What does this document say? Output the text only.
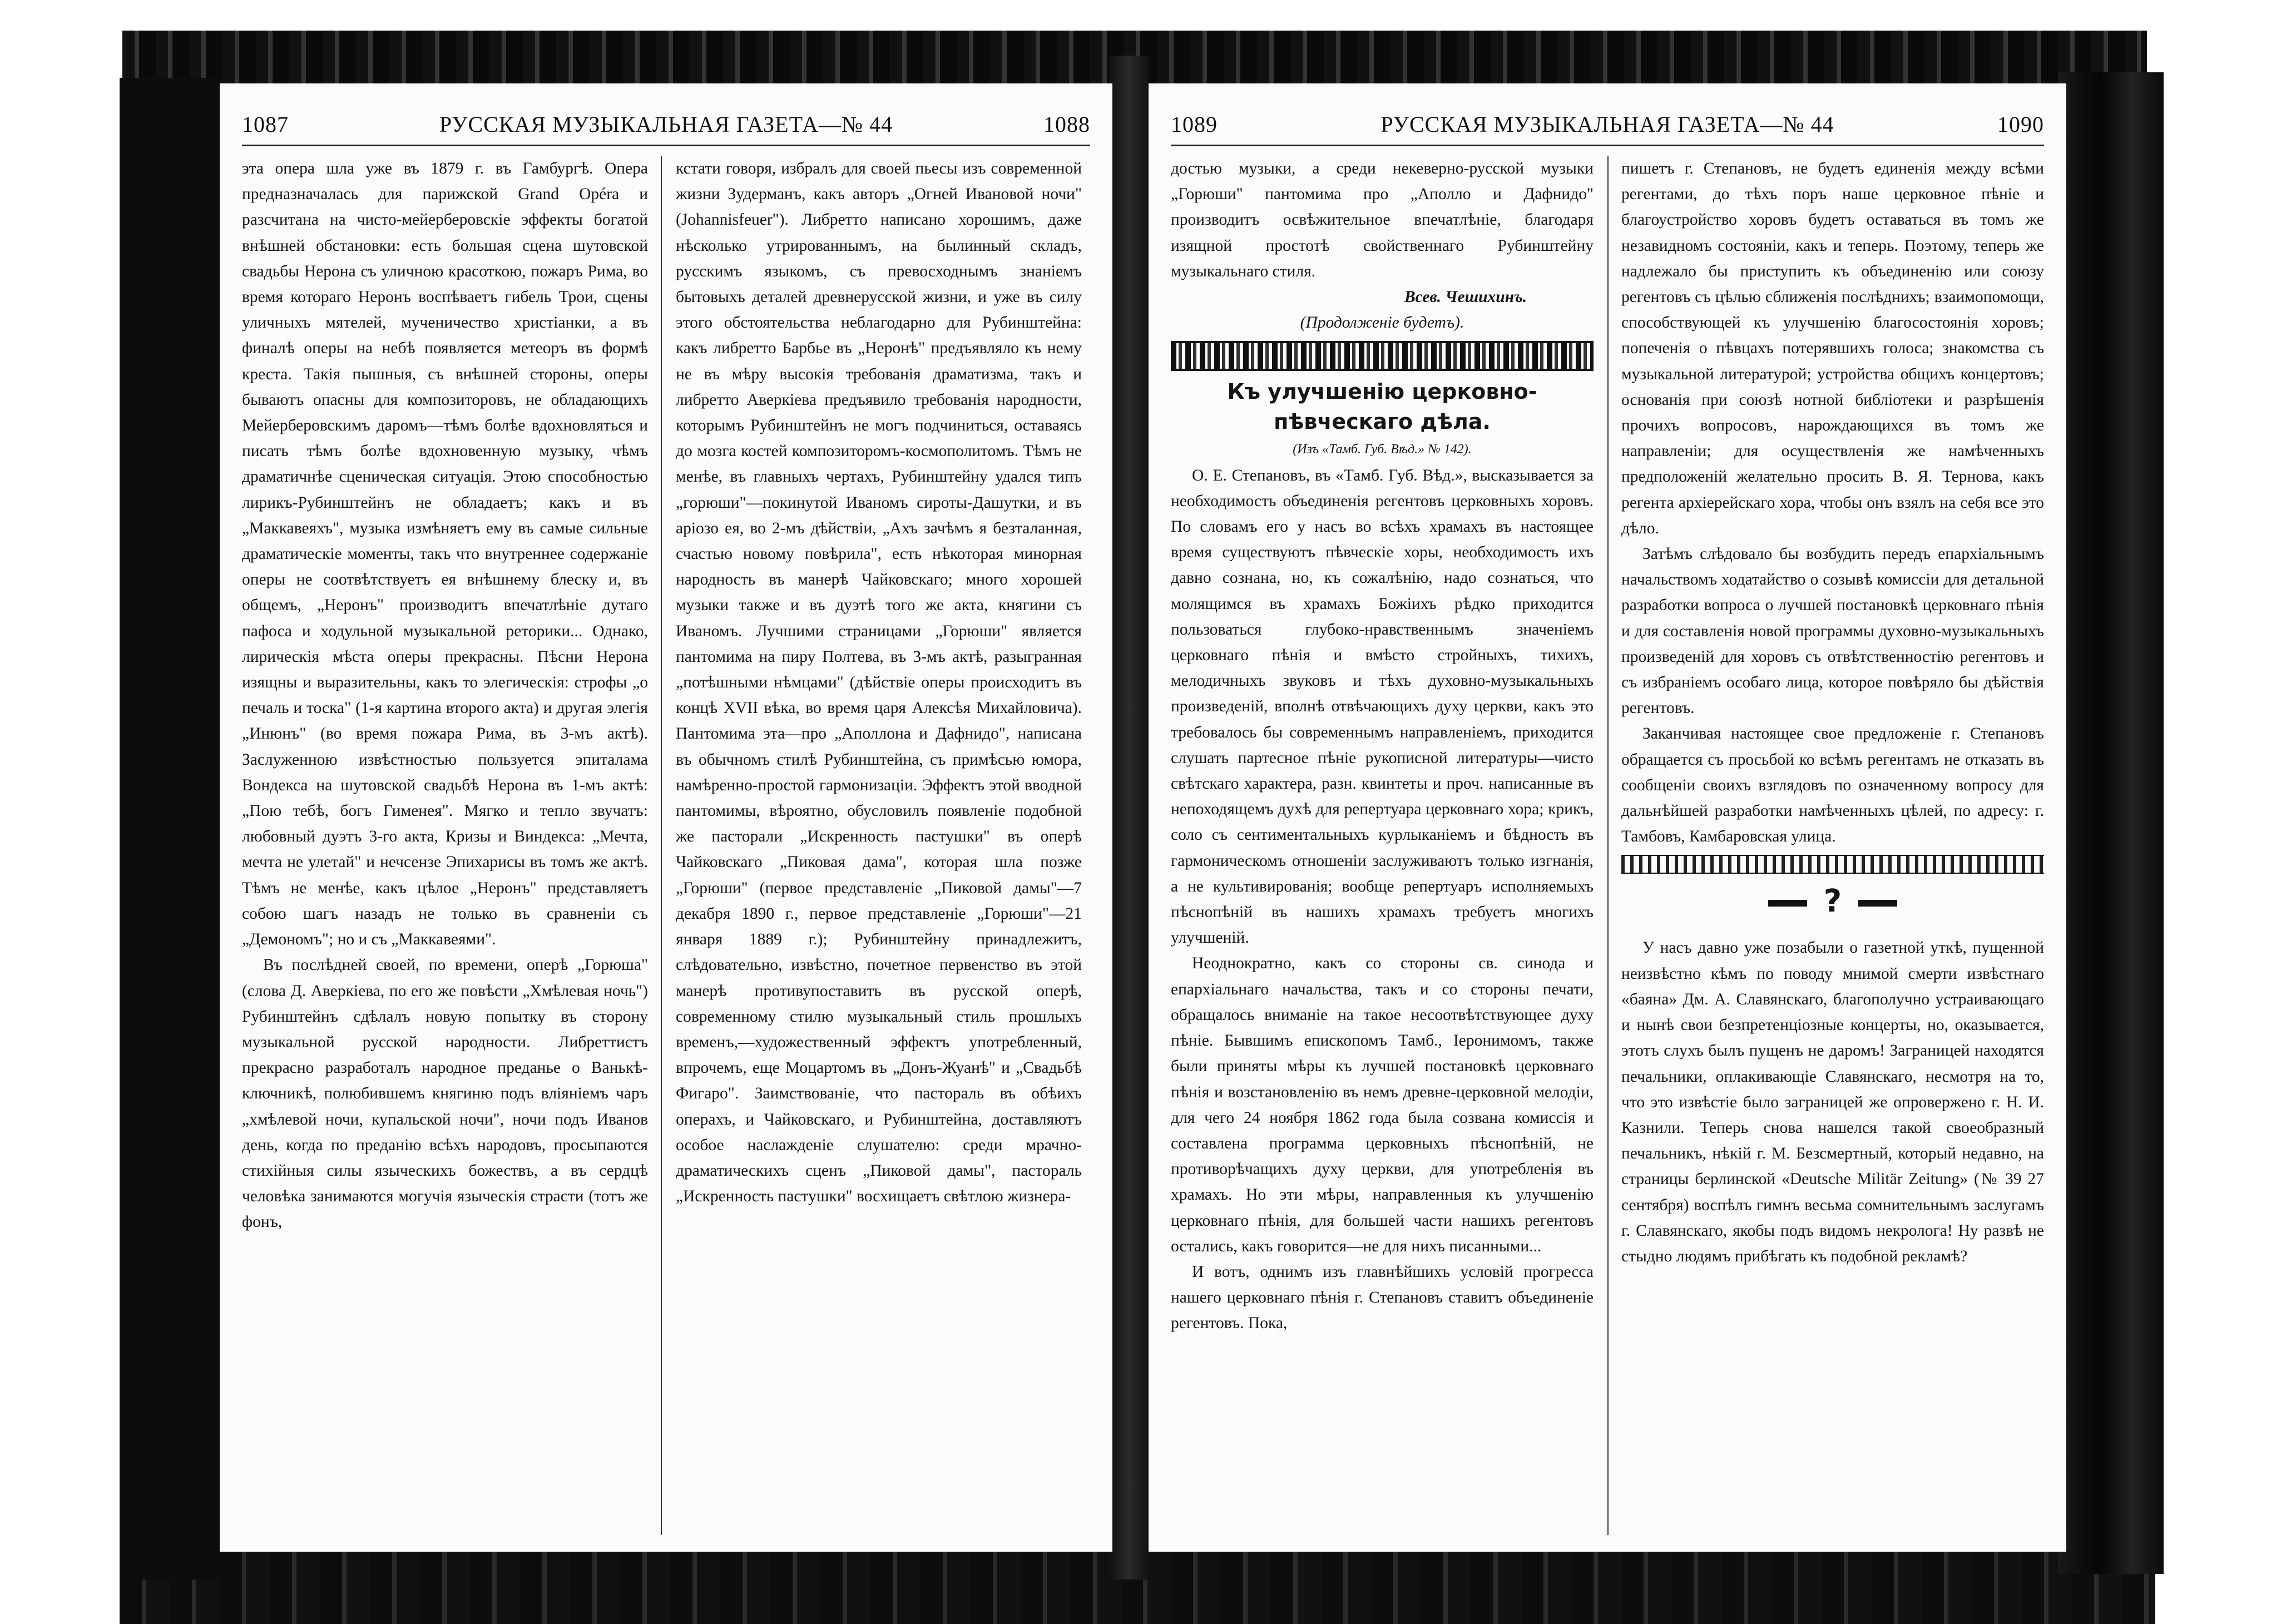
1087	РУССКАЯ МУЗЫКАЛЬНАЯ ГАЗЕТА—№ 44	1088

эта опера шла уже въ 1879 г. въ Гамбургѣ. Опера предназначалась для парижской Grand Opéra и разсчитана на чисто-мейерберовскіе эффекты богатой внѣшней обстановки: есть большая сцена шутовской свадьбы Нерона съ уличною красоткою, пожаръ Рима, во время котораго Неронъ воспѣваетъ гибель Трои, сцены уличныхъ мятелей, мученичество христіанки, а въ финалѣ оперы на небѣ появляется метеоръ въ формѣ креста. Такія пышныя, съ внѣшней стороны, оперы бываютъ опасны для композиторовъ, не обладающихъ Мейерберовскимъ даромъ—тѣмъ болѣе вдохновляться и писать тѣмъ болѣе вдохновенную музыку, чѣмъ драматичнѣе сценическая ситуація. Этою способностью лирикъ-Рубинштейнъ не обладаетъ; какъ и въ „Маккавеяхъ", музыка измѣняетъ ему въ самые сильные драматическіе моменты, такъ что внутреннее содержаніе оперы не соотвѣтствуетъ ея внѣшнему блеску и, въ общемъ, „Неронъ" производитъ впечатлѣніе дутаго пафоса и ходульной музыкальной реторики... Однако, лирическія мѣста оперы прекрасны. Пѣсни Нерона изящны и выразительны, какъ то элегическія: строфы „о печаль и тоска" (1-я картина второго акта) и другая элегія „Инюнъ" (во время пожара Рима, въ 3-мъ актѣ). Заслуженною извѣстностью пользуется эпиталама Вондекса на шутовской свадьбѣ Нерона въ 1-мъ актѣ: „Пою тебѣ, богъ Гименея". Мягко и тепло звучатъ: любовный дуэтъ 3-го акта, Кризы и Виндекса: „Мечта, мечта не улетай" и нечсензе Эпихарисы въ томъ же актѣ. Тѣмъ не менѣе, какъ цѣлое „Неронъ" представляетъ собою шагъ назадъ не только въ сравненіи съ „Демономъ"; но и съ „Маккавеями".

Въ послѣдней своей, по времени, оперѣ „Горюша" (слова Д. Аверкіева, по его же повѣсти „Хмѣлевая ночь") Рубинштейнъ сдѣлалъ новую попытку въ сторону музыкальной русской народности. Либреттистъ прекрасно разработалъ народное преданье о Ванькѣ-ключникѣ, полюбившемъ княгиню подъ вліяніемъ чаръ „хмѣлевой ночи, купальской ночи", ночи подъ Иванов день, когда по преданію всѣхъ народовъ, просыпаются стихійныя силы языческихъ божествъ, а въ сердцѣ человѣка занимаются могучія языческія страсти (тотъ же фонъ,

кстати говоря, избралъ для своей пьесы изъ современной жизни Зудерманъ, какъ авторъ „Огней Ивановой ночи" (Johannisfeuer"). Либретто написано хорошимъ, даже нѣсколько утрированнымъ, на былинный складъ, русскимъ языкомъ, съ превосходнымъ знаніемъ бытовыхъ деталей древнерусской жизни, и уже въ силу этого обстоятельства неблагодарно для Рубинштейна: какъ либретто Барбье въ „Неронѣ" предъявляло къ нему не въ мѣру высокія требованія драматизма, такъ и либретто Аверкіева предъявило требованія народности, которымъ Рубинштейнъ не могъ подчиниться, оставаясь до мозга костей композиторомъ-космополитомъ. Тѣмъ не менѣе, въ главныхъ чертахъ, Рубинштейну удался типъ „горюши"—покинутой Иваномъ сироты-Дашутки, и въ аріозо ея, во 2-мъ дѣйствіи, „Ахъ зачѣмъ я безталанная, счастью новому повѣрила", есть нѣкоторая минорная народность въ манерѣ Чайковскаго; много хорошей музыки также и въ дуэтѣ того же акта, княгини съ Иваномъ. Лучшими страницами „Горюши" является пантомима на пиру Полтева, въ 3-мъ актѣ, разыгранная „потѣшными нѣмцами" (дѣйствіе оперы происходитъ въ концѣ XVII вѣка, во время царя Алексѣя Михайловича). Пантомима эта—про „Аполлона и Дафнидо", написана въ обычномъ стилѣ Рубинштейна, съ примѣсью юмора, намѣренно-простой гармонизаціи. Эффектъ этой вводной пантомимы, вѣроятно, обусловилъ появленіе подобной же пасторали „Искренность пастушки" въ оперѣ Чайковскаго „Пиковая дама", которая шла позже „Горюши" (первое представленіе „Пиковой дамы"—7 декабря 1890 г., первое представленіе „Горюши"—21 января 1889 г.); Рубинштейну принадлежитъ, слѣдовательно, извѣстно, почетное первенство въ этой манерѣ противупоставить въ русской оперѣ, современному стилю музыкальный стиль прошлыхъ временъ,—художественный эффектъ употребленный, впрочемъ, еще Моцартомъ въ „Донъ-Жуанѣ" и „Свадьбѣ Фигаро". Заимствованіе, что пастораль въ обѣихъ операхъ, и Чайковскаго, и Рубинштейна, доставляютъ особое наслажденіе слушателю: среди мрачно-драматическихъ сценъ „Пиковой дамы", пастораль „Искренность пастушки" восхищаетъ свѣтлою жизнера-

1089	РУССКАЯ МУЗЫКАЛЬНАЯ ГАЗЕТА—№ 44	1090

достью музыки, а среди некеверно-русской музыки „Горюши" пантомима про „Аполло и Дафнидо" производитъ освѣжительное впечатлѣніе, благодаря изящной простотѣ свойственнаго Рубинштейну музыкальнаго стиля.

Всев. Чешихинъ.

(Продолженіе будетъ).

Къ улучшенію церковно-пѣвческаго дѣла.

(Изъ «Тамб. Губ. Вѣд.» № 142).

О. Е. Степановъ, въ «Тамб. Губ. Вѣд.», высказывается за необходимость объединенія регентовъ церковныхъ хоровъ. По словамъ его у насъ во всѣхъ храмахъ въ настоящее время существуютъ пѣвческіе хоры, необходимость ихъ давно сознана, но, къ сожалѣнію, надо сознаться, что молящимся въ храмахъ Божіихъ рѣдко приходится пользоваться глубоко-нравственнымъ значеніемъ церковнаго пѣнія и вмѣсто стройныхъ, тихихъ, мелодичныхъ звуковъ и тѣхъ духовно-музыкальныхъ произведеній, вполнѣ отвѣчающихъ духу церкви, какъ это требовалось бы современнымъ направленіемъ, приходится слушать партесное пѣніе рукописной литературы—чисто свѣтскаго характера, разн. квинтеты и проч. написанные въ непоходящемъ духѣ для репертуара церковнаго хора; крикъ, соло съ сентиментальныхъ курлыканіемъ и бѣдность въ гармоническомъ отношеніи заслуживаютъ только изгнанія, а не культивированія; вообще репертуаръ исполняемыхъ пѣснопѣній въ нашихъ храмахъ требуетъ многихъ улучшеній.

Неоднократно, какъ со стороны св. синода и епархіальнаго начальства, такъ и со стороны печати, обращалось вниманіе на такое несоотвѣтствующее духу пѣніе. Бывшимъ епископомъ Тамб., Іеронимомъ, также были приняты мѣры къ лучшей постановкѣ церковнаго пѣнія и возстановленію въ немъ древне-церковной мелодіи, для чего 24 ноября 1862 года была созвана комиссія и составлена программа церковныхъ пѣснопѣній, не противорѣчащихъ духу церкви, для употребленія въ храмахъ. Но эти мѣры, направленныя къ улучшенію церковнаго пѣнія, для большей части нашихъ регентовъ остались, какъ говорится—не для нихъ писанными...

И вотъ, однимъ изъ главнѣйшихъ условій прогресса нашего церковнаго пѣнія г. Степановъ ставитъ объединеніе регентовъ. Пока,

пишетъ г. Степановъ, не будетъ единенія между всѣми регентами, до тѣхъ поръ наше церковное пѣніе и благоустройство хоровъ будетъ оставаться въ томъ же незавидномъ состояніи, какъ и теперь. Поэтому, теперь же надлежало бы приступить къ объединенію или союзу регентовъ съ цѣлью сближенія послѣднихъ; взаимопомощи, способствующей къ улучшенію благосостоянія хоровъ; попеченія о пѣвцахъ потерявшихъ голоса; знакомства съ музыкальной литературой; устройства общихъ концертовъ; основанія при союзѣ нотной библіотеки и разрѣшенія прочихъ вопросовъ, нарождающихся въ томъ же направленіи; для осуществленія же намѣченныхъ предположеній желательно просить В. Я. Тернова, какъ регента архіерейскаго хора, чтобы онъ взялъ на себя все это дѣло.

Затѣмъ слѣдовало бы возбудить передъ епархіальнымъ начальствомъ ходатайство о созывѣ комиссіи для детальной разработки вопроса о лучшей постановкѣ церковнаго пѣнія и для составленія новой программы духовно-музыкальныхъ произведеній для хоровъ съ отвѣтственностію регентовъ и съ избраніемъ особаго лица, которое повѣряло бы дѣйствія регентовъ.

Заканчивая настоящее свое предложеніе г. Степановъ обращается съ просьбой ко всѣмъ регентамъ не отказать въ сообщеніи своихъ взглядовъ по означенному вопросу для дальнѣйшей разработки намѣченныхъ цѣлей, по адресу: г. Тамбовъ, Камбаровская улица.

?

У насъ давно уже позабыли о газетной уткѣ, пущенной неизвѣстно кѣмъ по поводу мнимой смерти извѣстнаго «баяна» Дм. А. Славянскаго, благополучно устраивающаго и нынѣ свои безпретенціозные концерты, но, оказывается, этотъ слухъ былъ пущенъ не даромъ! Заграницей находятся печальники, оплакивающіе Славянскаго, несмотря на то, что это извѣстіе было заграницей же опровержено г. Н. И. Казнили. Теперь снова нашелся такой своеобразный печальникъ, нѣкій г. М. Безсмертный, который недавно, на страницы берлинской «Deutsche Militär Zeitung» (№ 39 27 сентября) воспѣлъ гимнъ весьма сомнительнымъ заслугамъ г. Славянскаго, якобы подъ видомъ некролога! Ну развѣ не стыдно людямъ прибѣгать къ подобной рекламѣ?
